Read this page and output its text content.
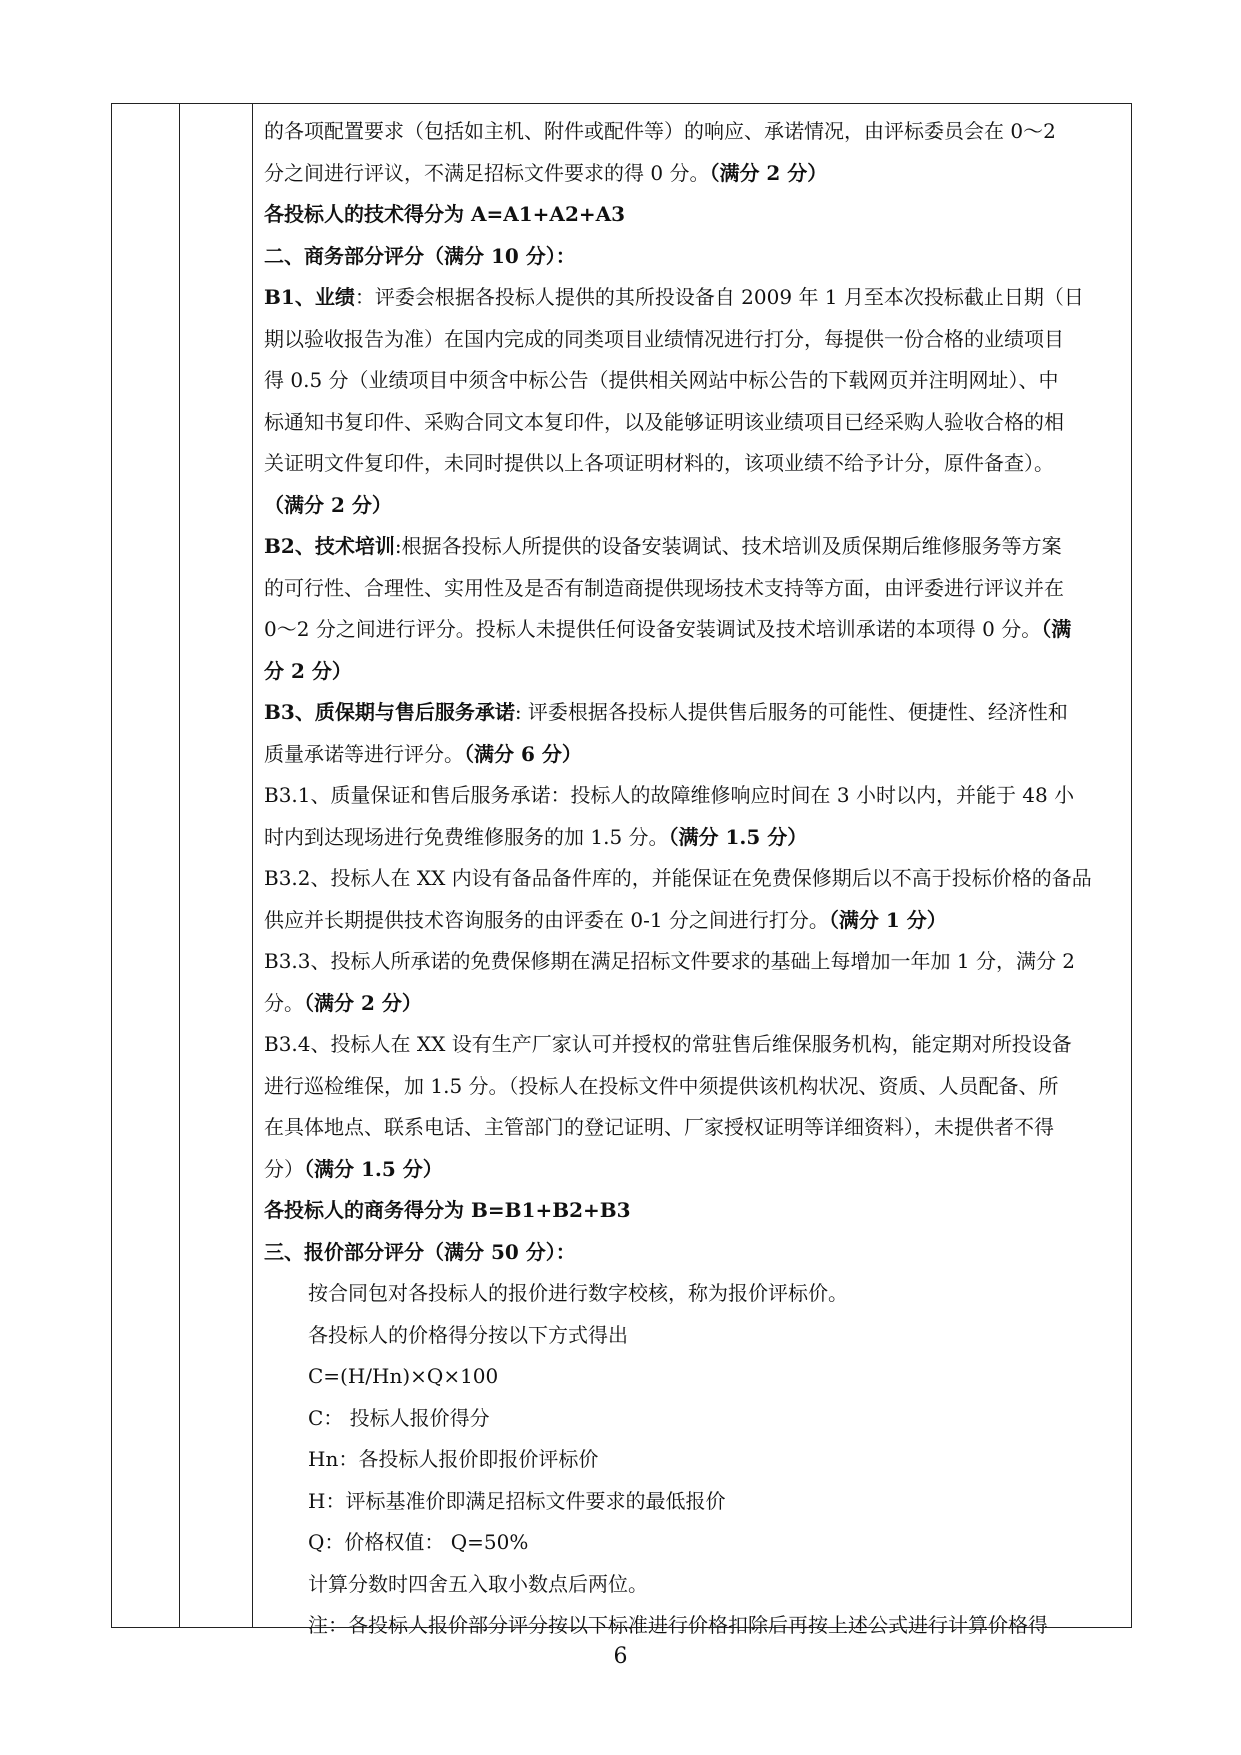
的各项配置要求（包括如主机、附件或配件等）的响应、承诺情况，由评标委员会在 0～2
分之间进行评议，不满足招标文件要求的得 0 分。（满分 2 分）
各投标人的技术得分为 A=A1+A2+A3
二、商务部分评分（满分 10 分）：
B1、业绩：评委会根据各投标人提供的其所投设备自 2009 年 1 月至本次投标截止日期（日
期以验收报告为准）在国内完成的同类项目业绩情况进行打分，每提供一份合格的业绩项目
得 0.5 分（业绩项目中须含中标公告（提供相关网站中标公告的下载网页并注明网址）、中
标通知书复印件、采购合同文本复印件，以及能够证明该业绩项目已经采购人验收合格的相
关证明文件复印件，未同时提供以上各项证明材料的，该项业绩不给予计分，原件备查）。
（满分 2 分）
B2、技术培训:根据各投标人所提供的设备安装调试、技术培训及质保期后维修服务等方案
的可行性、合理性、实用性及是否有制造商提供现场技术支持等方面，由评委进行评议并在
0～2 分之间进行评分。投标人未提供任何设备安装调试及技术培训承诺的本项得 0 分。（满
分 2 分）
B3、质保期与售后服务承诺: 评委根据各投标人提供售后服务的可能性、便捷性、经济性和
质量承诺等进行评分。（满分 6 分）
B3.1、质量保证和售后服务承诺：投标人的故障维修响应时间在 3 小时以内，并能于 48 小
时内到达现场进行免费维修服务的加 1.5 分。（满分 1.5 分）
B3.2、投标人在 XX 内设有备品备件库的，并能保证在免费保修期后以不高于投标价格的备品
供应并长期提供技术咨询服务的由评委在 0-1 分之间进行打分。（满分 1 分）
B3.3、投标人所承诺的免费保修期在满足招标文件要求的基础上每增加一年加 1 分，满分 2
分。（满分 2 分）
B3.4、投标人在 XX 设有生产厂家认可并授权的常驻售后维保服务机构，能定期对所投设备
进行巡检维保，加 1.5 分。（投标人在投标文件中须提供该机构状况、资质、人员配备、所
在具体地点、联系电话、主管部门的登记证明、厂家授权证明等详细资料），未提供者不得
分）（满分 1.5 分）
各投标人的商务得分为 B=B1+B2+B3
三、报价部分评分（满分 50 分）：
按合同包对各投标人的报价进行数字校核，称为报价评标价。
各投标人的价格得分按以下方式得出
C=(H/Hn)×Q×100
C： 投标人报价得分
Hn：各投标人报价即报价评标价
H：评标基准价即满足招标文件要求的最低报价
Q：价格权值： Q=50%
计算分数时四舍五入取小数点后两位。
注：各投标人报价部分评分按以下标准进行价格扣除后再按上述公式进行计算价格得
6
